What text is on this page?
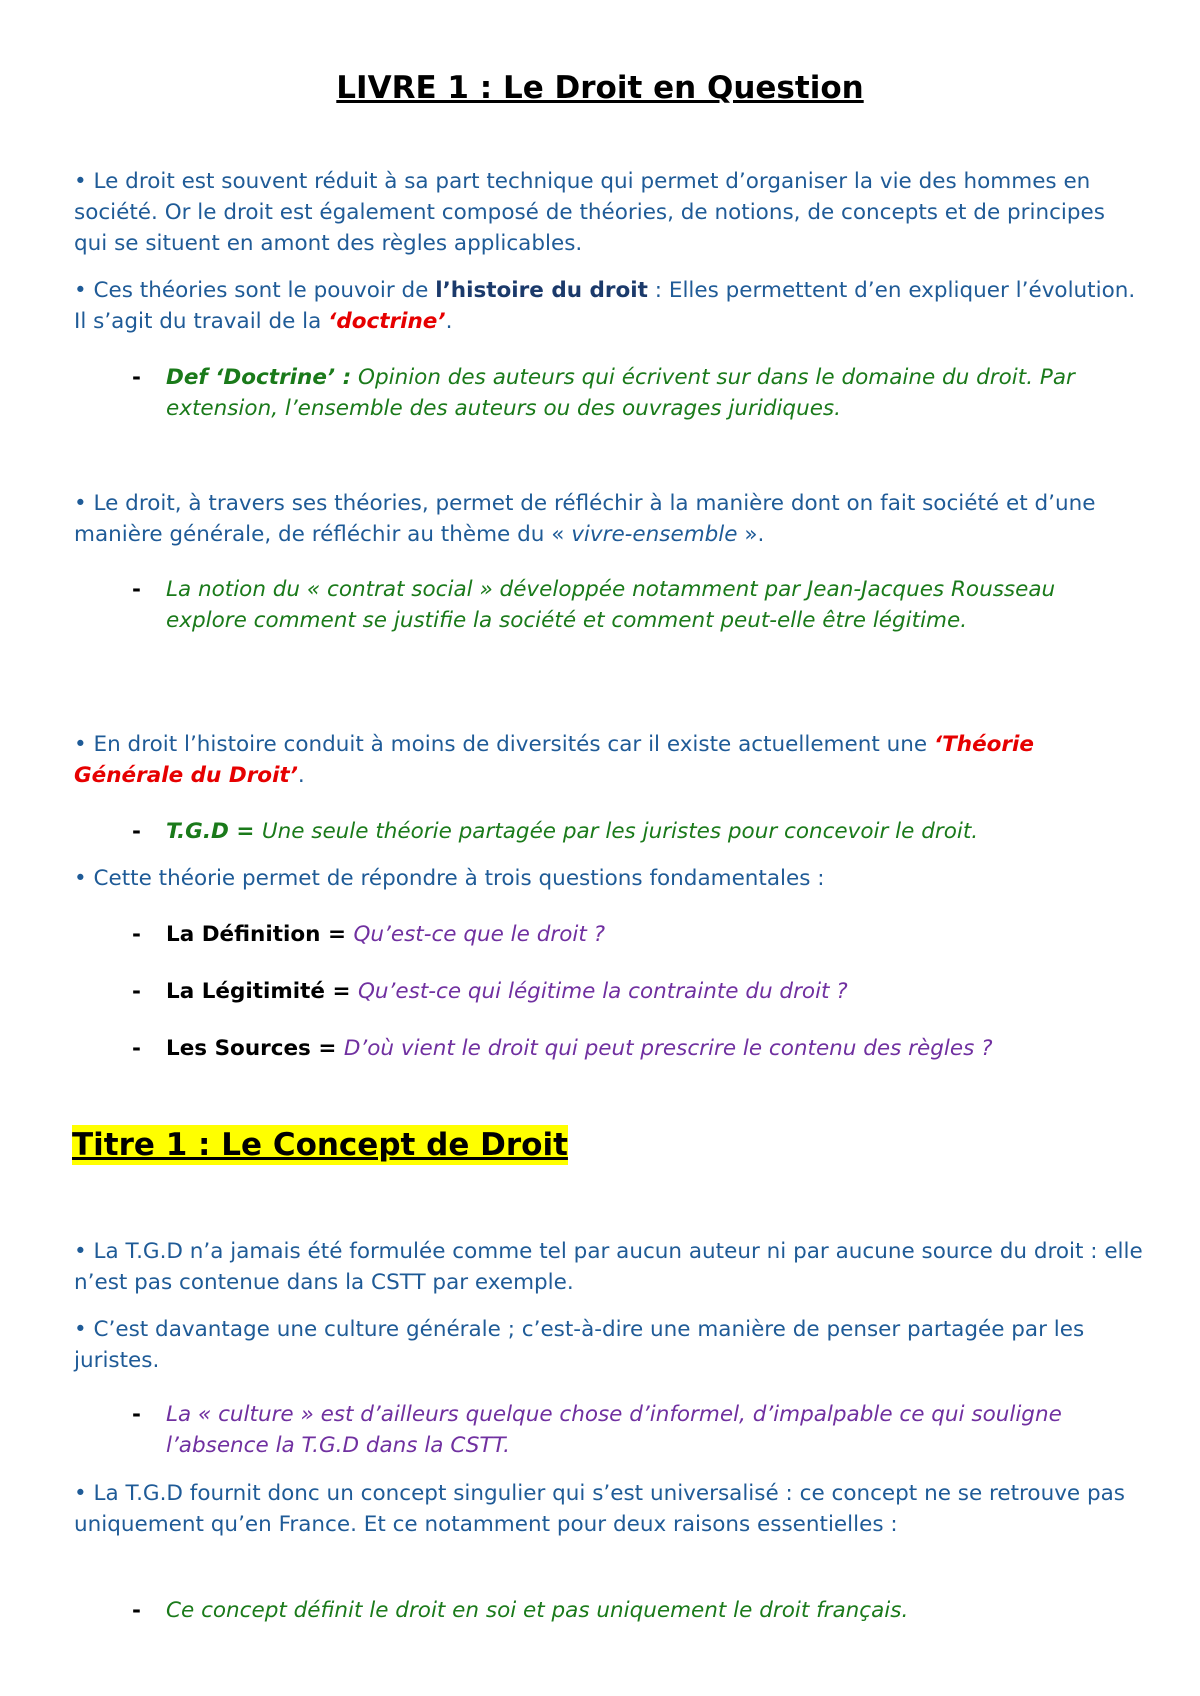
LIVRE 1 : Le Droit en Question

• Le droit est souvent réduit à sa part technique qui permet d’organiser la vie des hommes en société. Or le droit est également composé de théories, de notions, de concepts et de principes qui se situent en amont des règles applicables.

• Ces théories sont le pouvoir de l’histoire du droit : Elles permettent d’en expliquer l’évolution. Il s’agit du travail de la ‘doctrine’.

- Def ‘Doctrine’ : Opinion des auteurs qui écrivent sur dans le domaine du droit. Par extension, l’ensemble des auteurs ou des ouvrages juridiques.

• Le droit, à travers ses théories, permet de réfléchir à la manière dont on fait société et d’une manière générale, de réfléchir au thème du « vivre-ensemble ».

- La notion du « contrat social » développée notamment par Jean-Jacques Rousseau explore comment se justifie la société et comment peut-elle être légitime.

• En droit l’histoire conduit à moins de diversités car il existe actuellement une ‘Théorie Générale du Droit’.

- T.G.D = Une seule théorie partagée par les juristes pour concevoir le droit.

• Cette théorie permet de répondre à trois questions fondamentales :

- La Définition = Qu’est-ce que le droit ?
- La Légitimité = Qu’est-ce qui légitime la contrainte du droit ?
- Les Sources = D’où vient le droit qui peut prescrire le contenu des règles ?
Titre 1 : Le Concept de Droit

• La T.G.D n’a jamais été formulée comme tel par aucun auteur ni par aucune source du droit : elle n’est pas contenue dans la CSTT par exemple.

• C’est davantage une culture générale ; c’est-à-dire une manière de penser partagée par les juristes.

- La « culture » est d’ailleurs quelque chose d’informel, d’impalpable ce qui souligne l’absence la T.G.D dans la CSTT.

• La T.G.D fournit donc un concept singulier qui s’est universalisé : ce concept ne se retrouve pas uniquement qu’en France. Et ce notamment pour deux raisons essentielles :

- Ce concept définit le droit en soi et pas uniquement le droit français.
